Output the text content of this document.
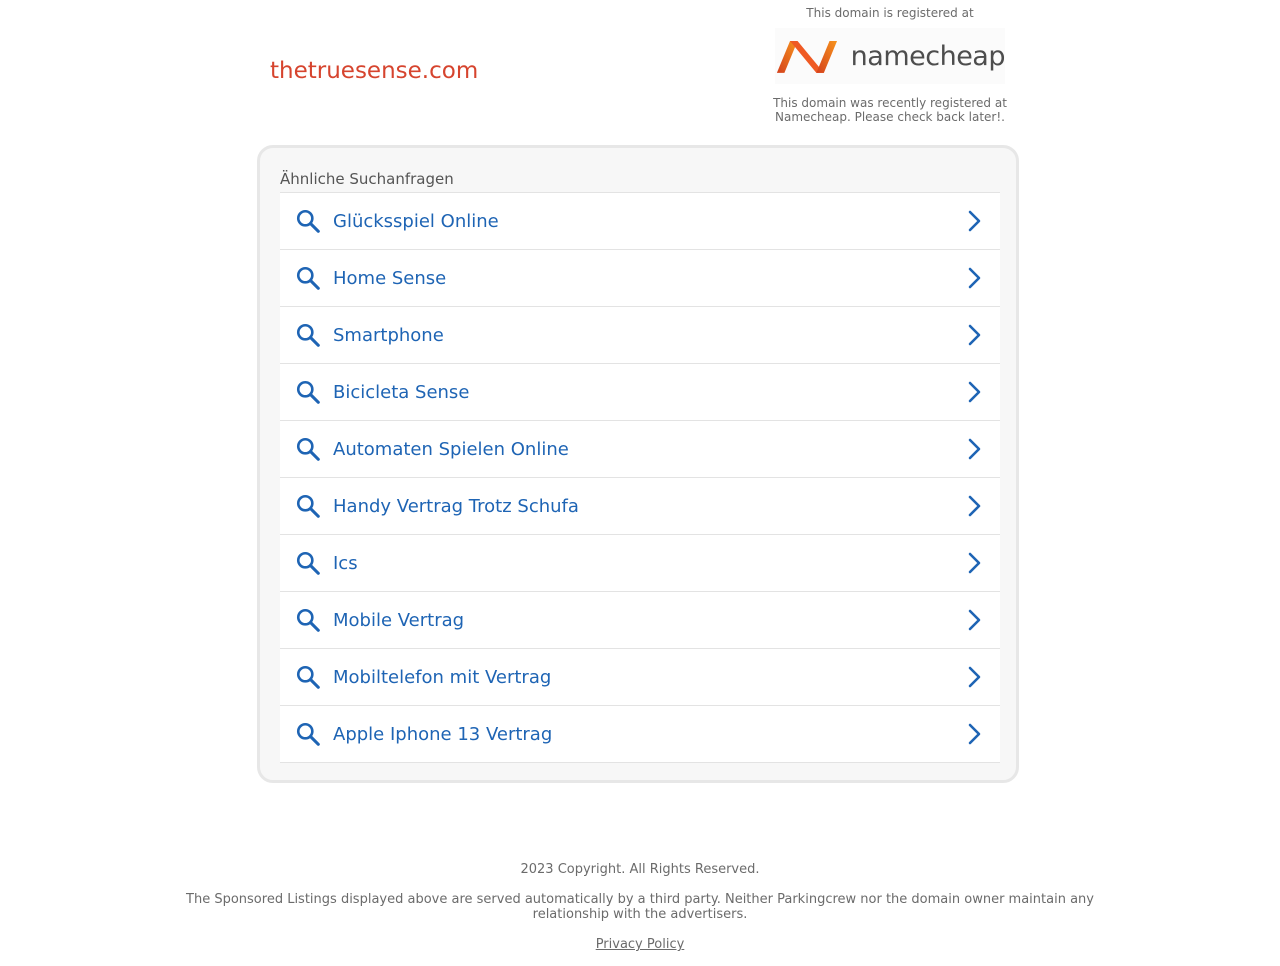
thetruesense.com
This domain is registered at
namecheap
This domain was recently registered at Namecheap. Please check back later!.
Ähnliche Suchanfragen
Glücksspiel Online
Home Sense
Smartphone
Bicicleta Sense
Automaten Spielen Online
Handy Vertrag Trotz Schufa
Ics
Mobile Vertrag
Mobiltelefon mit Vertrag
Apple Iphone 13 Vertrag

2023 Copyright. All Rights Reserved.

The Sponsored Listings displayed above are served automatically by a third party. Neither Parkingcrew nor the domain owner maintain any relationship with the advertisers.

Privacy Policy
